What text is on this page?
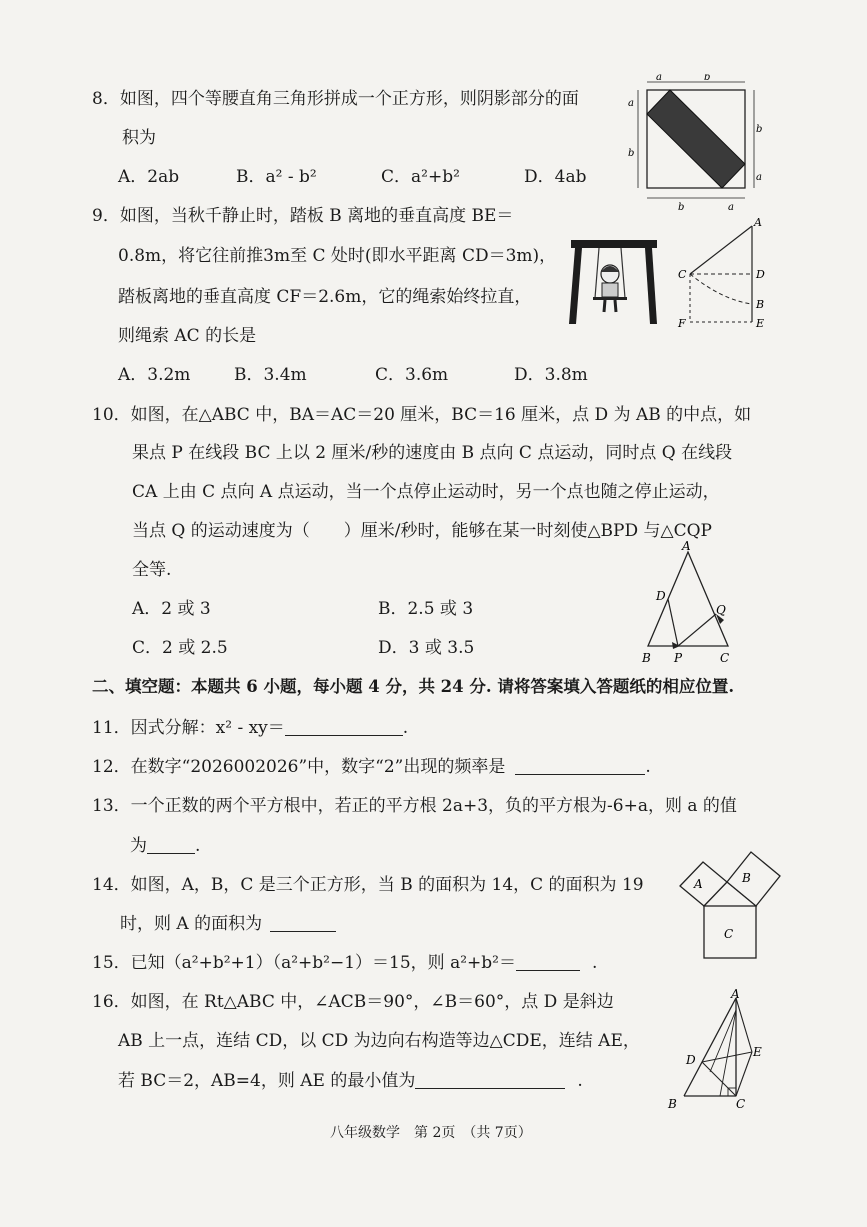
8．如图，四个等腰直角三角形拼成一个正方形，则阴影部分的面
积为
A．2ab	B．a² - b²	C．a²+b²	D．4ab
a	b
a
b
b
a
b	a
9．如图，当秋千静止时，踏板 B 离地的垂直高度 BE＝
0.8m，将它往前推3m至 C 处时(即水平距离 CD＝3m)，
踏板离地的垂直高度 CF＝2.6m，它的绳索始终拉直，
则绳索 AC 的长是
A．3.2m	B．3.4m	C．3.6m	D．3.8m
A
C	D
B
F	E
10．如图，在△ABC 中，BA＝AC＝20 厘米，BC＝16 厘米，点 D 为 AB 的中点，如
果点 P 在线段 BC 上以 2 厘米/秒的速度由 B 点向 C 点运动，同时点 Q 在线段
CA 上由 C 点向 A 点运动，当一个点停止运动时，另一个点也随之停止运动，
当点 Q 的运动速度为（　　）厘米/秒时，能够在某一时刻使△BPD 与△CQP
全等.
A．2 或 3	B．2.5 或 3
C．2 或 2.5	D．3 或 3.5
A
D
Q
B P	C
二、填空题：本题共 6 小题，每小题 4 分，共 24 分. 请将答案填入答题纸的相应位置.
11．因式分解：x² - xy＝	.
12．在数字“2026002026”中，数字“2”出现的频率是	.
13．一个正数的两个平方根中，若正的平方根 2a+3，负的平方根为-6+a，则 a 的值
为	.
14．如图，A，B，C 是三个正方形，当 B 的面积为 14，C 的面积为 19
时，则 A 的面积为
A	B
C
15．已知（a²+b²+1）（a²+b²−1）＝15，则 a²+b²＝	.
16．如图，在 Rt△ABC 中，∠ACB＝90°，∠B＝60°，点 D 是斜边
AB 上一点，连结 CD，以 CD 为边向右构造等边△CDE，连结 AE，
若 BC＝2，AB=4，则 AE 的最小值为	.
A
D
E
B	C
八年级数学　第 2页　（共 7页）
